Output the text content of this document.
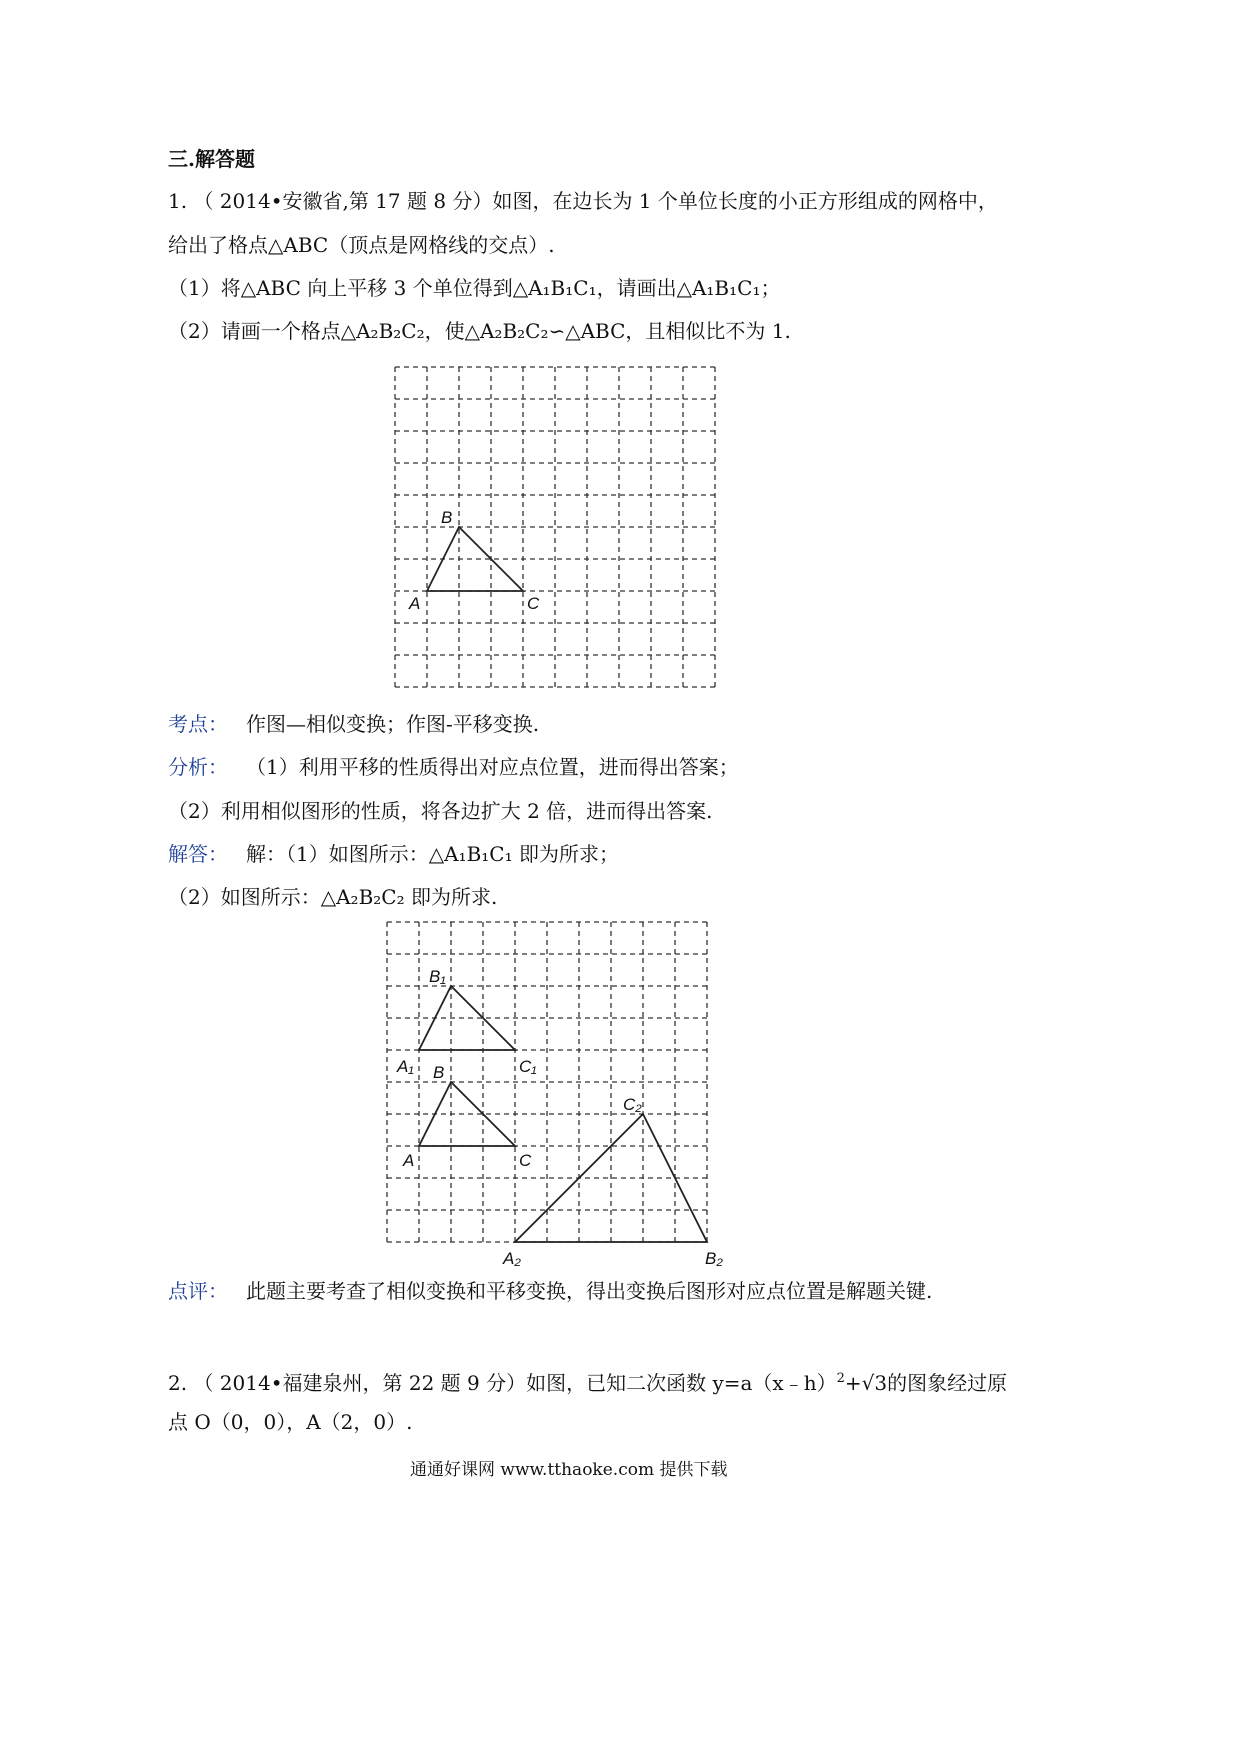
三.解答题
1. （ 2014•安徽省,第 17 题 8 分）如图，在边长为 1 个单位长度的小正方形组成的网格中，
给出了格点△ABC（顶点是网格线的交点）.
（1）将△ABC 向上平移 3 个单位得到△A₁B₁C₁，请画出△A₁B₁C₁；
（2）请画一个格点△A₂B₂C₂，使△A₂B₂C₂∽△ABC，且相似比不为 1.
A
B
C
考点： 作图—相似变换；作图-平移变换.
分析： （1）利用平移的性质得出对应点位置，进而得出答案；
（2）利用相似图形的性质，将各边扩大 2 倍，进而得出答案.
解答： 解：（1）如图所示：△A₁B₁C₁ 即为所求；
（2）如图所示：△A₂B₂C₂ 即为所求.
A₁
B₁
C₁
A
B
C
A₂	B₂
C₂
点评： 此题主要考查了相似变换和平移变换，得出变换后图形对应点位置是解题关键.
2. （ 2014•福建泉州，第 22 题 9 分）如图，已知二次函数 y=a（x﹣h）$^2$+√3的图象经过原
点 O（0，0），A（2，0）.
通通好课网 www.tthaoke.com 提供下载
